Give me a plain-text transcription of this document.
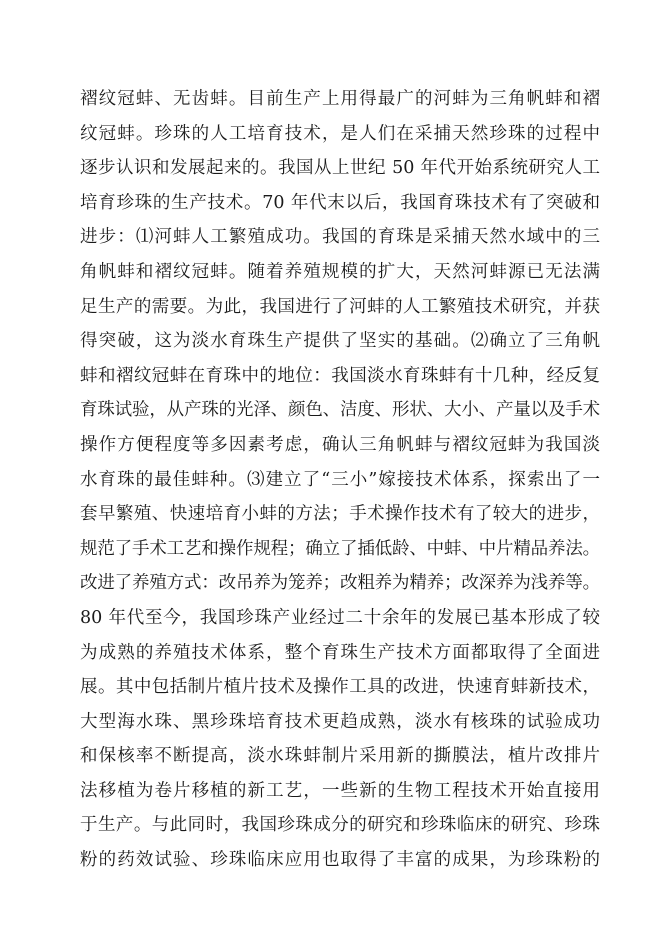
褶纹冠蚌、无齿蚌。目前生产上用得最广的河蚌为三角帆蚌和褶
纹冠蚌。珍珠的人工培育技术，是人们在采捕天然珍珠的过程中
逐步认识和发展起来的。我国从上世纪 50 年代开始系统研究人工
培育珍珠的生产技术。70 年代末以后，我国育珠技术有了突破和
进步：⑴河蚌人工繁殖成功。我国的育珠是采捕天然水域中的三
角帆蚌和褶纹冠蚌。随着养殖规模的扩大，天然河蚌源已无法满
足生产的需要。为此，我国进行了河蚌的人工繁殖技术研究，并获
得突破，这为淡水育珠生产提供了坚实的基础。⑵确立了三角帆
蚌和褶纹冠蚌在育珠中的地位：我国淡水育珠蚌有十几种，经反复
育珠试验，从产珠的光泽、颜色、洁度、形状、大小、产量以及手术
操作方便程度等多因素考虑，确认三角帆蚌与褶纹冠蚌为我国淡
水育珠的最佳蚌种。⑶建立了“三小”嫁接技术体系，探索出了一
套早繁殖、快速培育小蚌的方法；手术操作技术有了较大的进步，
规范了手术工艺和操作规程；确立了插低龄、中蚌、中片精品养法。
改进了养殖方式：改吊养为笼养；改粗养为精养；改深养为浅养等。
80 年代至今，我国珍珠产业经过二十余年的发展已基本形成了较
为成熟的养殖技术体系，整个育珠生产技术方面都取得了全面进
展。其中包括制片植片技术及操作工具的改进，快速育蚌新技术，
大型海水珠、黑珍珠培育技术更趋成熟，淡水有核珠的试验成功
和保核率不断提高，淡水珠蚌制片采用新的撕膜法，植片改排片
法移植为卷片移植的新工艺，一些新的生物工程技术开始直接用
于生产。与此同时，我国珍珠成分的研究和珍珠临床的研究、珍珠
粉的药效试验、珍珠临床应用也取得了丰富的成果，为珍珠粉的
